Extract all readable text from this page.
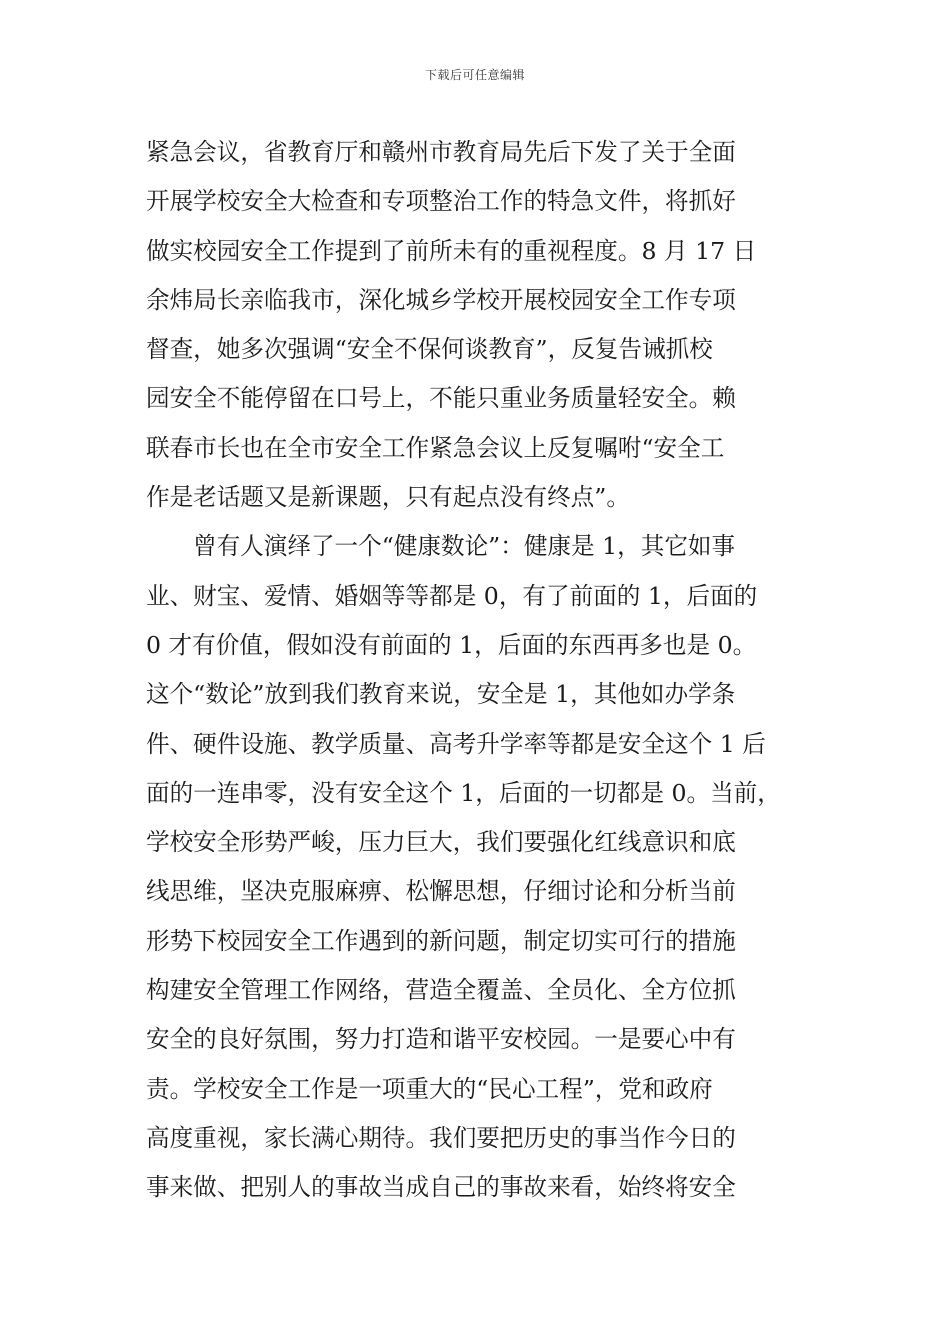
下载后可任意编辑
紧急会议，省教育厅和赣州市教育局先后下发了关于全面
开展学校安全大检查和专项整治工作的特急文件，将抓好
做实校园安全工作提到了前所未有的重视程度。8 月 17 日
余炜局长亲临我市，深化城乡学校开展校园安全工作专项
督查，她多次强调“安全不保何谈教育”，反复告诫抓校
园安全不能停留在口号上，不能只重业务质量轻安全。赖
联春市长也在全市安全工作紧急会议上反复嘱咐“安全工
作是老话题又是新课题，只有起点没有终点”。
曾有人演绎了一个“健康数论”：健康是 1，其它如事
业、财宝、爱情、婚姻等等都是 0，有了前面的 1，后面的
0 才有价值，假如没有前面的 1，后面的东西再多也是 0。
这个“数论”放到我们教育来说，安全是 1，其他如办学条
件、硬件设施、教学质量、高考升学率等都是安全这个 1 后
面的一连串零，没有安全这个 1，后面的一切都是 0。当前，
学校安全形势严峻，压力巨大，我们要强化红线意识和底
线思维，坚决克服麻痹、松懈思想，仔细讨论和分析当前
形势下校园安全工作遇到的新问题，制定切实可行的措施
构建安全管理工作网络，营造全覆盖、全员化、全方位抓
安全的良好氛围，努力打造和谐平安校园。一是要心中有
责。学校安全工作是一项重大的“民心工程”，党和政府
高度重视，家长满心期待。我们要把历史的事当作今日的
事来做、把别人的事故当成自己的事故来看，始终将安全
